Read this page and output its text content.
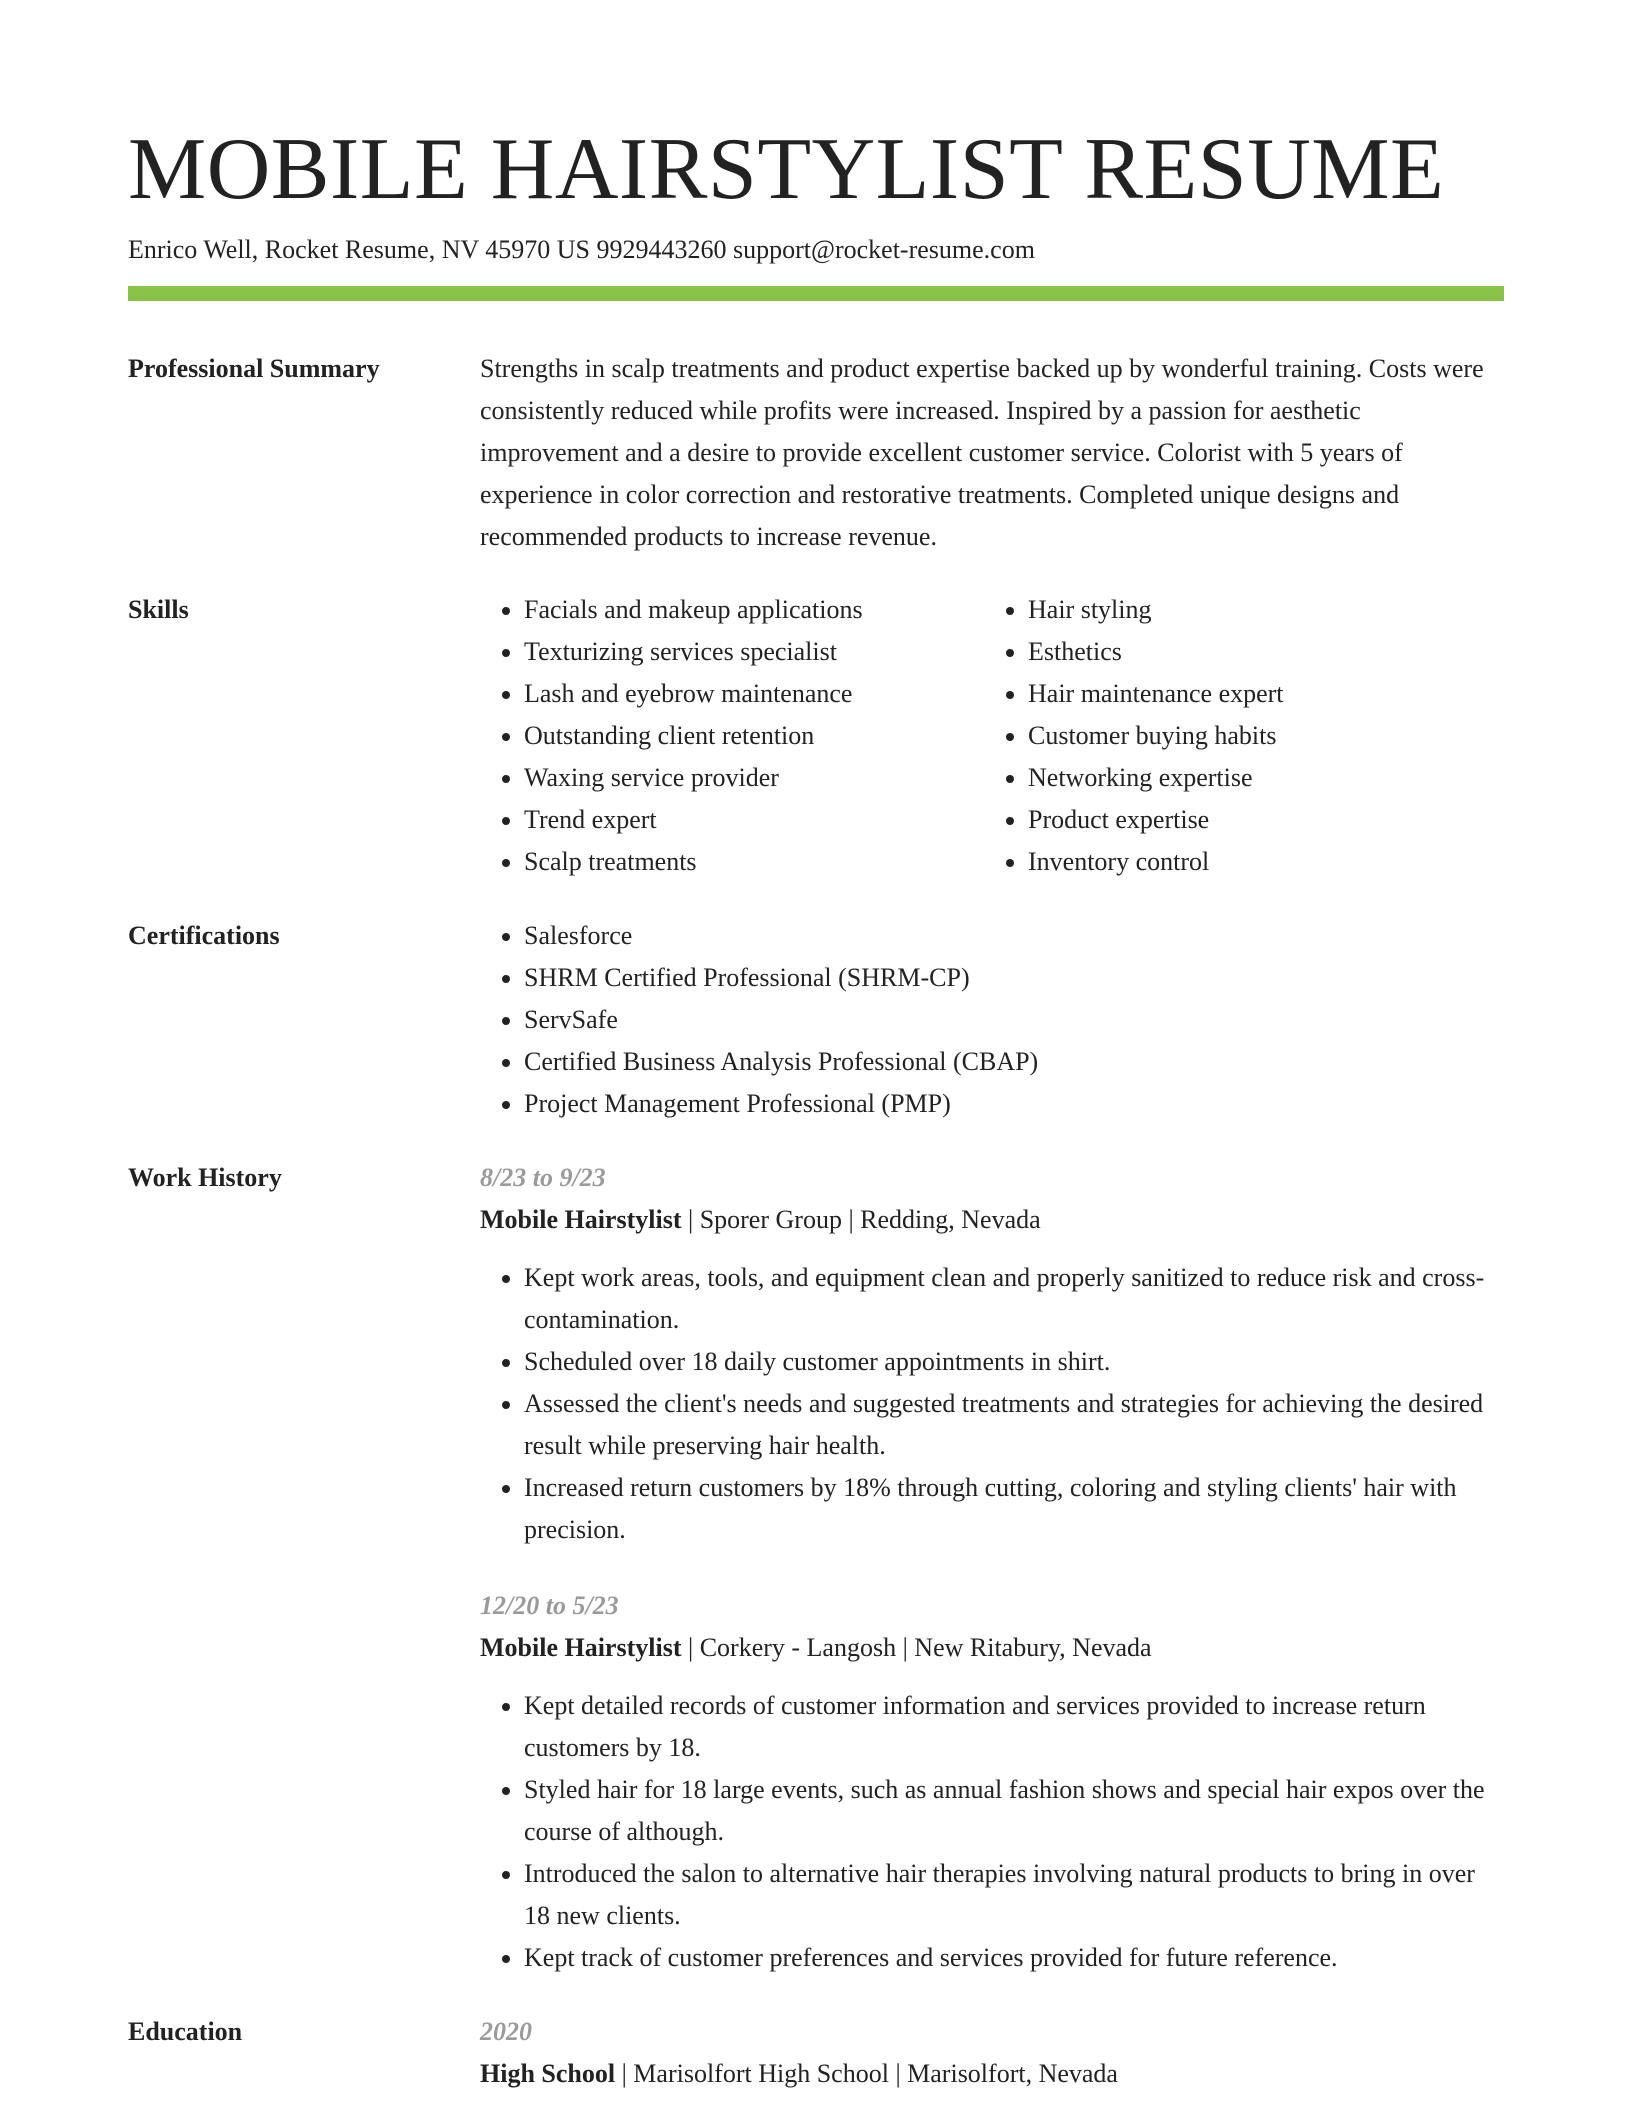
MOBILE HAIRSTYLIST RESUME
Enrico Well, Rocket Resume, NV 45970 US 9929443260 support@rocket-resume.com
Professional Summary	Strengths in scalp treatments and product expertise backed up by wonderful training. Costs were consistently reduced while profits were increased. Inspired by a passion for aesthetic improvement and a desire to provide excellent customer service. Colorist with 5 years of experience in color correction and restorative treatments. Completed unique designs and recommended products to increase revenue.

Skills	• Facials and makeup applications
• Texturizing services specialist
• Lash and eyebrow maintenance
• Outstanding client retention
• Waxing service provider
• Trend expert
• Scalp treatments
• Hair styling
• Esthetics
• Hair maintenance expert
• Customer buying habits
• Networking expertise
• Product expertise
• Inventory control
Certifications	• Salesforce
• SHRM Certified Professional (SHRM-CP)
• ServSafe
• Certified Business Analysis Professional (CBAP)
• Project Management Professional (PMP)
Work History	8/23 to 9/23
Mobile Hairstylist | Sporer Group | Redding, Nevada
• Kept work areas, tools, and equipment clean and properly sanitized to reduce risk and cross-contamination.
• Scheduled over 18 daily customer appointments in shirt.
• Assessed the client's needs and suggested treatments and strategies for achieving the desired result while preserving hair health.
• Increased return customers by 18% through cutting, coloring and styling clients' hair with precision.
12/20 to 5/23
Mobile Hairstylist | Corkery - Langosh | New Ritabury, Nevada
• Kept detailed records of customer information and services provided to increase return customers by 18.
• Styled hair for 18 large events, such as annual fashion shows and special hair expos over the course of although.
• Introduced the salon to alternative hair therapies involving natural products to bring in over 18 new clients.
• Kept track of customer preferences and services provided for future reference.
Education	2020
High School | Marisolfort High School | Marisolfort, Nevada
